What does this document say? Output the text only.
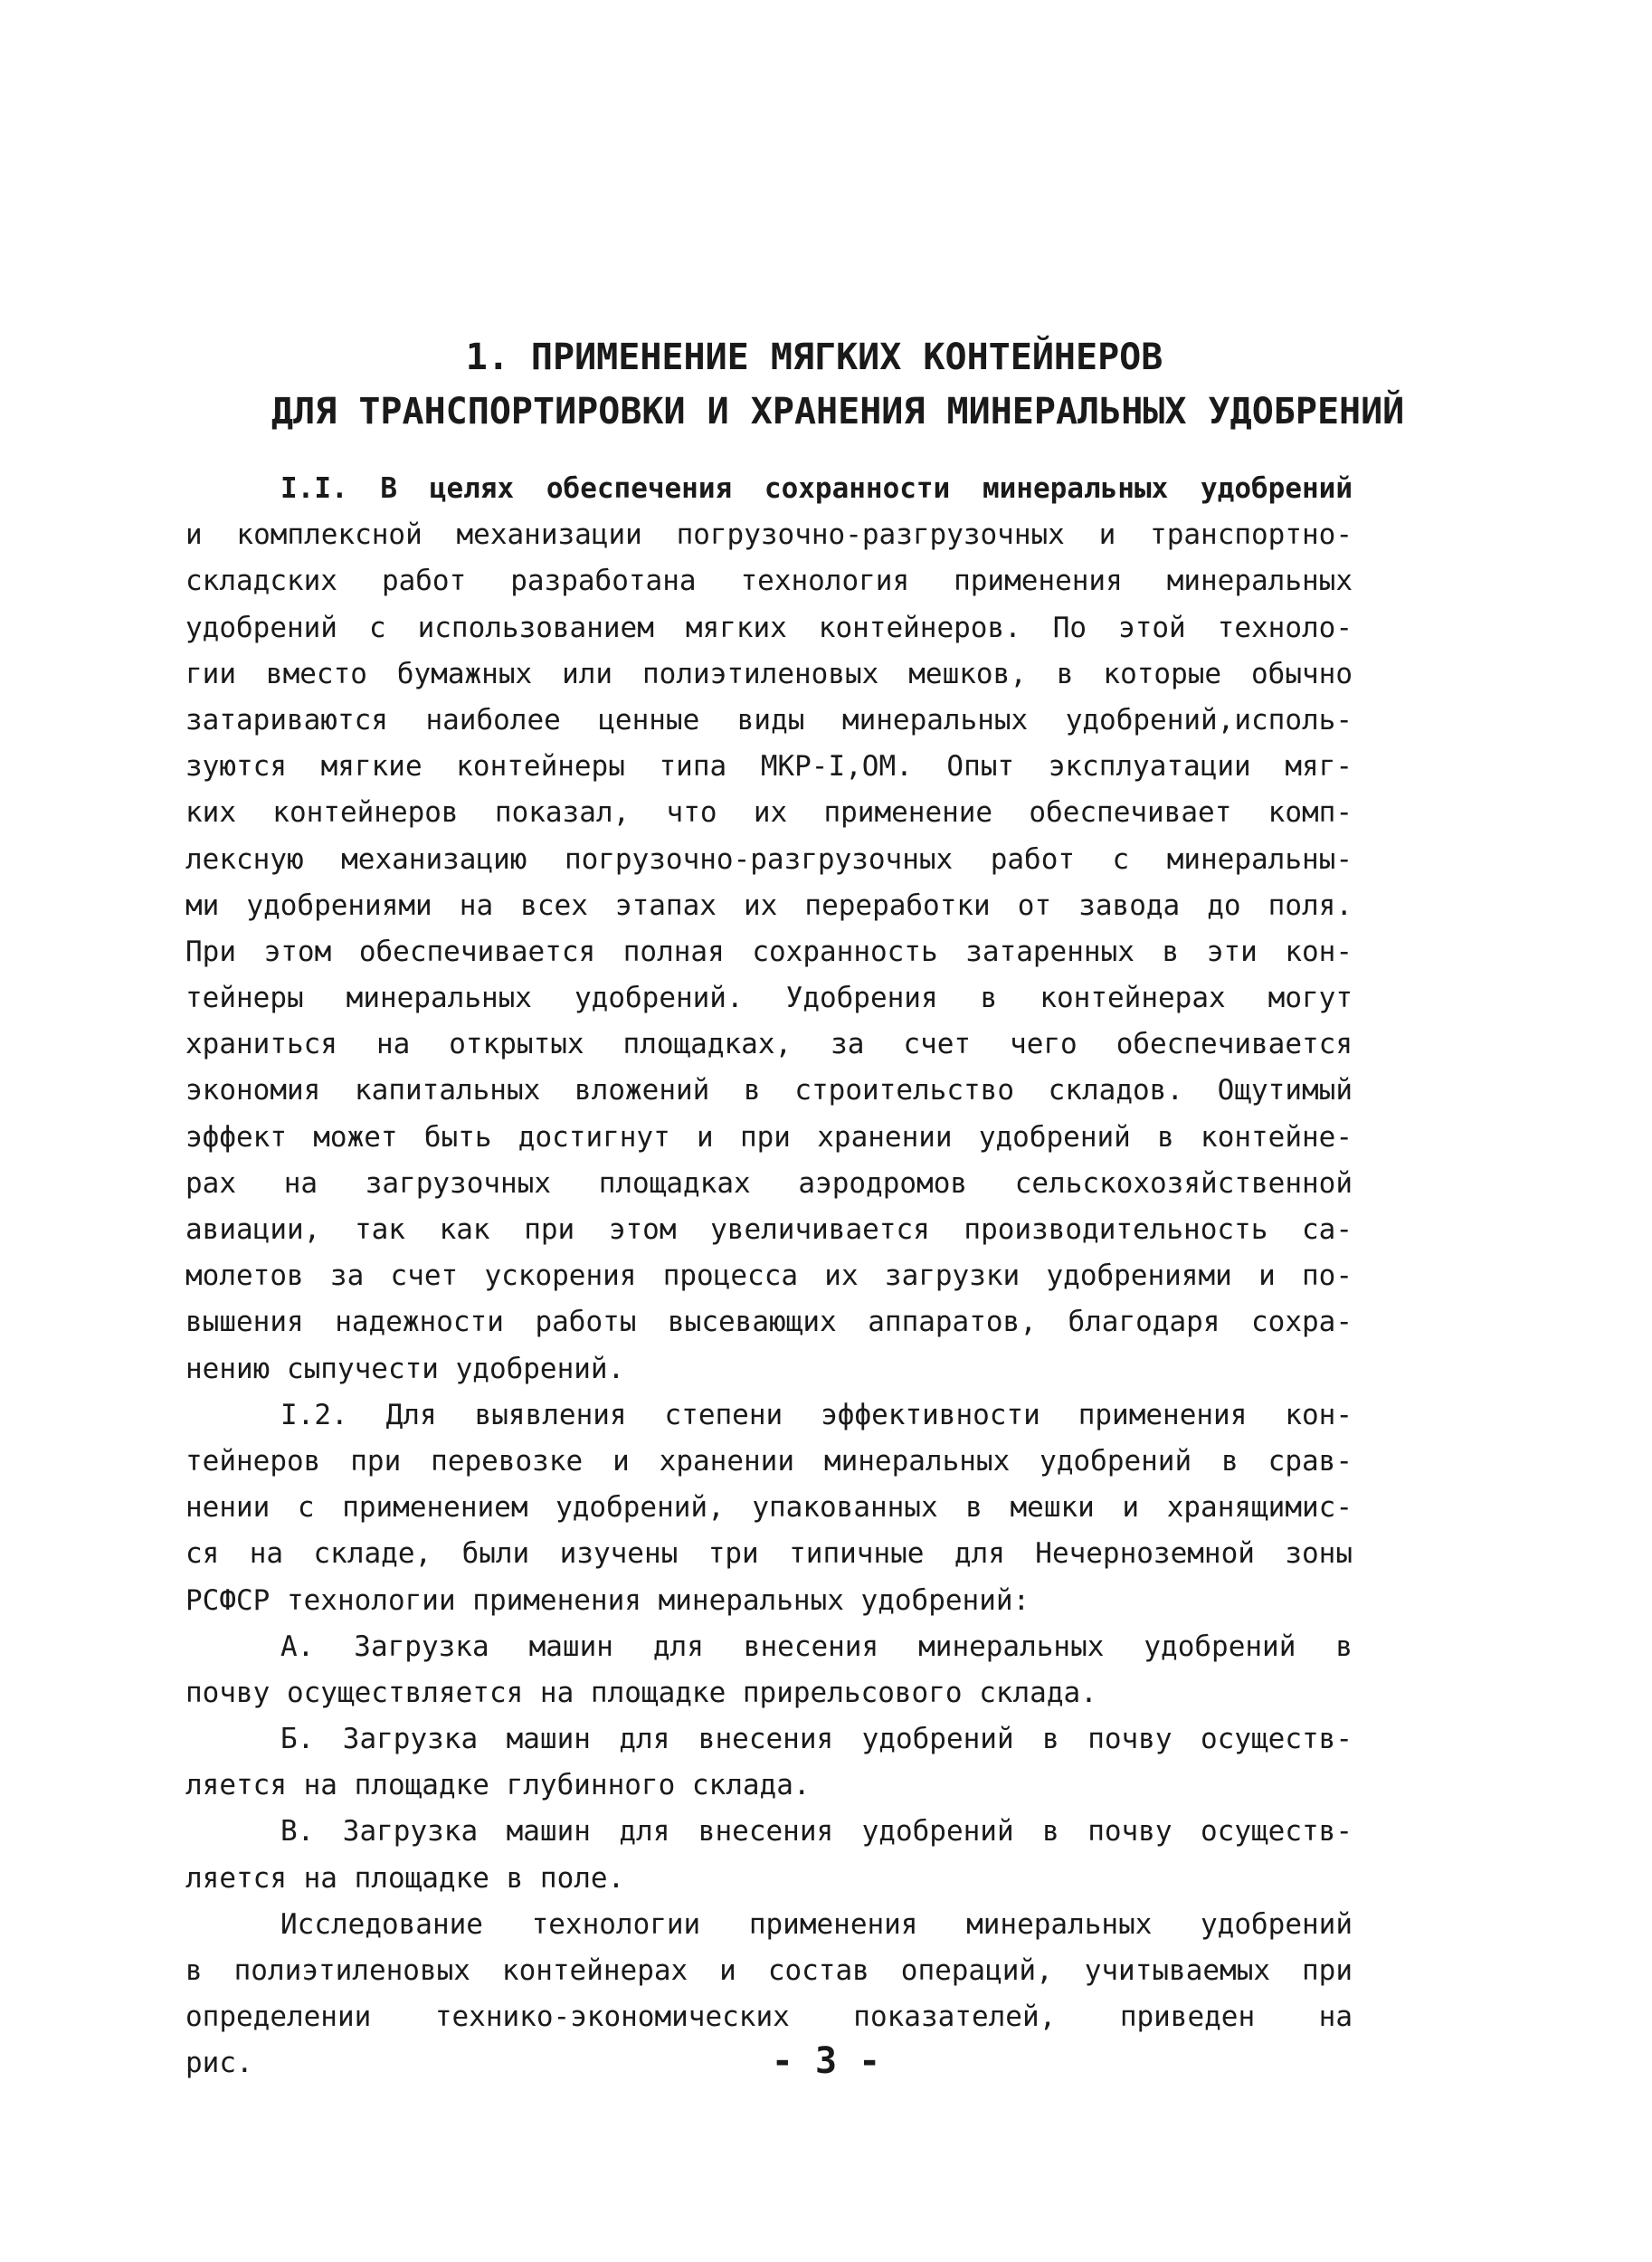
1. ПРИМЕНЕНИЕ МЯГКИХ КОНТЕЙНЕРОВ
ДЛЯ ТРАНСПОРТИРОВКИ И ХРАНЕНИЯ МИНЕРАЛЬНЫХ УДОБРЕНИЙ
I.I. В целях обеспечения сохранности минеральных удобрений
и комплексной механизации погрузочно-разгрузочных и транспортно-
складских работ разработана технология применения минеральных
удобрений с использованием мягких контейнеров. По этой техноло-
гии вместо бумажных или полиэтиленовых мешков, в которые обычно
затариваются наиболее ценные виды минеральных удобрений,исполь-
зуются мягкие контейнеры типа МКР-I,ОМ. Опыт эксплуатации мяг-
ких контейнеров показал, что их применение обеспечивает комп-
лексную механизацию погрузочно-разгрузочных работ с минеральны-
ми удобрениями на всех этапах их переработки от завода до поля.
При этом обеспечивается полная сохранность затаренных в эти кон-
тейнеры минеральных удобрений. Удобрения в контейнерах могут
храниться на открытых площадках, за счет чего обеспечивается
экономия капитальных вложений в строительство складов. Ощутимый
эффект может быть достигнут и при хранении удобрений в контейне-
рах на загрузочных площадках аэродромов сельскохозяйственной
авиации, так как при этом увеличивается производительность са-
молетов за счет ускорения процесса их загрузки удобрениями и по-
вышения надежности работы высевающих аппаратов, благодаря сохра-
нению сыпучести удобрений.
I.2. Для выявления степени эффективности применения кон-
тейнеров при перевозке и хранении минеральных удобрений в срав-
нении с применением удобрений, упакованных в мешки и хранящимис-
ся на складе, были изучены три типичные для Нечерноземной зоны
РСФСР технологии применения минеральных удобрений:
А. Загрузка машин для внесения минеральных удобрений в
почву осуществляется на площадке прирельсового склада.
Б. Загрузка машин для внесения удобрений в почву осуществ-
ляется на площадке глубинного склада.
В. Загрузка машин для внесения удобрений в почву осуществ-
ляется на площадке в поле.
Исследование технологии применения минеральных удобрений
в полиэтиленовых контейнерах и состав операций, учитываемых при
определении технико-экономических показателей, приведен на
рис.	- 3 -
